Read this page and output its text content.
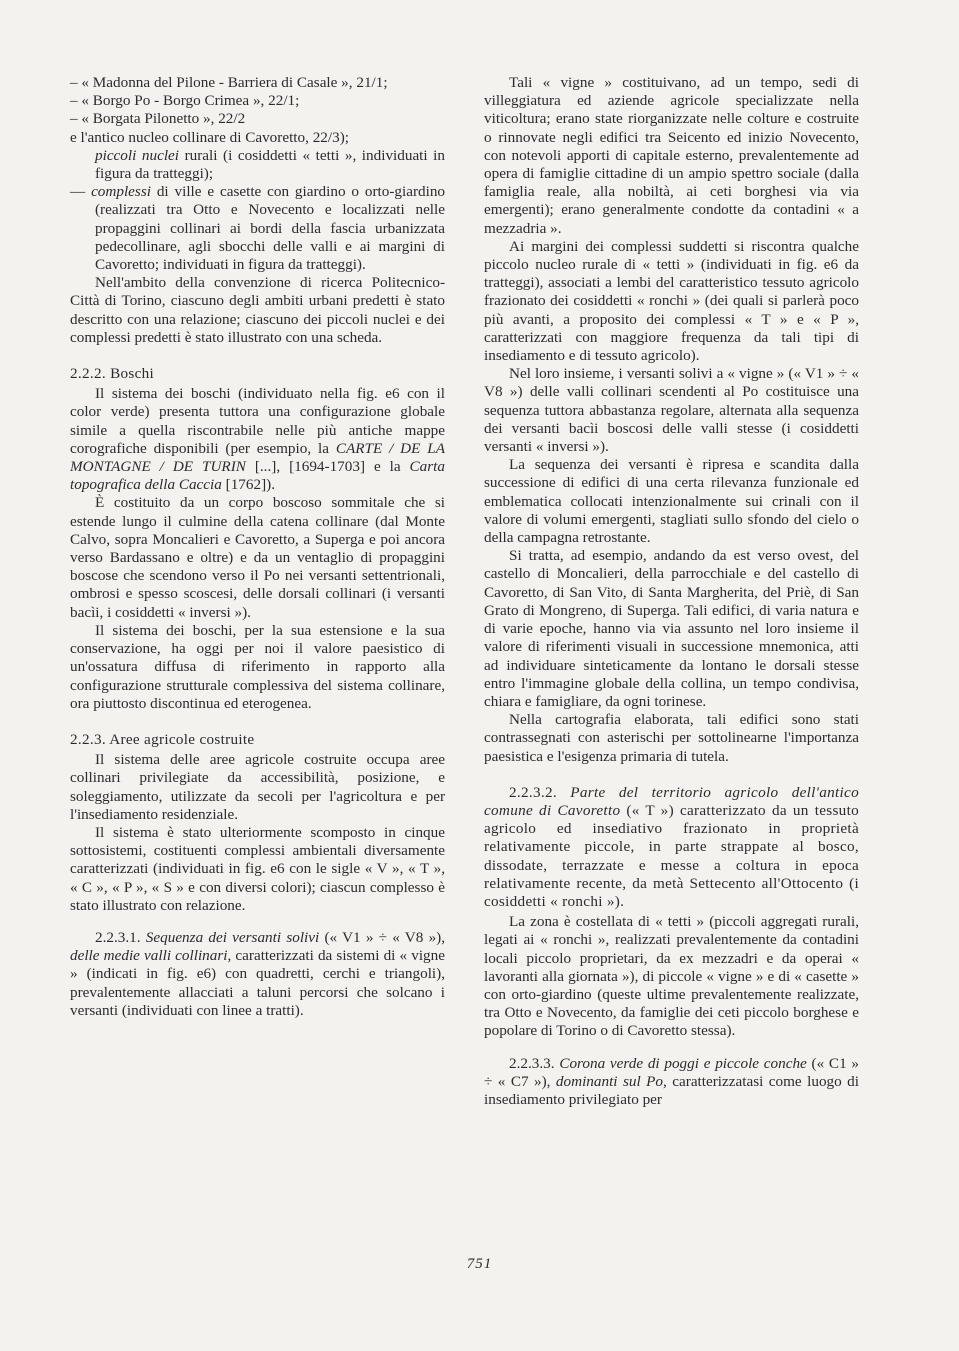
– « Madonna del Pilone - Barriera di Casale », 21/1;

– « Borgo Po - Borgo Crimea », 22/1;

– « Borgata Pilonetto », 22/2

e l'antico nucleo collinare di Cavoretto, 22/3);

piccoli nuclei rurali (i cosiddetti « tetti », individuati in figura da tratteggi);

— complessi di ville e casette con giardino o orto-giardino (realizzati tra Otto e Novecento e localizzati nelle propaggini collinari ai bordi della fascia urbanizzata pedecollinare, agli sbocchi delle valli e ai margini di Cavoretto; individuati in figura da tratteggi).

Nell'ambito della convenzione di ricerca Politecnico-Città di Torino, ciascuno degli ambiti urbani predetti è stato descritto con una relazione; ciascuno dei piccoli nuclei e dei complessi predetti è stato illustrato con una scheda.

2.2.2. Boschi

Il sistema dei boschi (individuato nella fig. e6 con il color verde) presenta tuttora una configurazione globale simile a quella riscontrabile nelle più antiche mappe corografiche disponibili (per esempio, la CARTE / DE LA MONTAGNE / DE TURIN [...], [1694-1703] e la Carta topografica della Caccia [1762]).

È costituito da un corpo boscoso sommitale che si estende lungo il culmine della catena collinare (dal Monte Calvo, sopra Moncalieri e Cavoretto, a Superga e poi ancora verso Bardassano e oltre) e da un ventaglio di propaggini boscose che scendono verso il Po nei versanti settentrionali, ombrosi e spesso scoscesi, delle dorsali collinari (i versanti bacìi, i cosiddetti « inversi »).

Il sistema dei boschi, per la sua estensione e la sua conservazione, ha oggi per noi il valore paesistico di un'ossatura diffusa di riferimento in rapporto alla configurazione strutturale complessiva del sistema collinare, ora piuttosto discontinua ed eterogenea.

2.2.3. Aree agricole costruite

Il sistema delle aree agricole costruite occupa aree collinari privilegiate da accessibilità, posizione, e soleggiamento, utilizzate da secoli per l'agricoltura e per l'insediamento residenziale.

Il sistema è stato ulteriormente scomposto in cinque sottosistemi, costituenti complessi ambientali diversamente caratterizzati (individuati in fig. e6 con le sigle « V », « T », « C », « P », « S » e con diversi colori); ciascun complesso è stato illustrato con relazione.

2.2.3.1. Sequenza dei versanti solivi (« V1 » ÷ « V8 »), delle medie valli collinari, caratterizzati da sistemi di « vigne » (indicati in fig. e6) con quadretti, cerchi e triangoli), prevalentemente allacciati a taluni percorsi che solcano i versanti (individuati con linee a tratti).

Tali « vigne » costituivano, ad un tempo, sedi di villeggiatura ed aziende agricole specializzate nella viticoltura; erano state riorganizzate nelle colture e costruite o rinnovate negli edifici tra Seicento ed inizio Novecento, con notevoli apporti di capitale esterno, prevalentemente ad opera di famiglie cittadine di un ampio spettro sociale (dalla famiglia reale, alla nobiltà, ai ceti borghesi via via emergenti); erano generalmente condotte da contadini « a mezzadria ».

Ai margini dei complessi suddetti si riscontra qualche piccolo nucleo rurale di « tetti » (individuati in fig. e6 da tratteggi), associati a lembi del caratteristico tessuto agricolo frazionato dei cosiddetti « ronchi » (dei quali si parlerà poco più avanti, a proposito dei complessi « T » e « P », caratterizzati con maggiore frequenza da tali tipi di insediamento e di tessuto agricolo).

Nel loro insieme, i versanti solivi a « vigne » (« V1 » ÷ « V8 ») delle valli collinari scendenti al Po costituisce una sequenza tuttora abbastanza regolare, alternata alla sequenza dei versanti bacìi boscosi delle valli stesse (i cosiddetti versanti « inversi »).

La sequenza dei versanti è ripresa e scandita dalla successione di edifici di una certa rilevanza funzionale ed emblematica collocati intenzionalmente sui crinali con il valore di volumi emergenti, stagliati sullo sfondo del cielo o della campagna retrostante.

Si tratta, ad esempio, andando da est verso ovest, del castello di Moncalieri, della parrocchiale e del castello di Cavoretto, di San Vito, di Santa Margherita, del Priè, di San Grato di Mongreno, di Superga. Tali edifici, di varia natura e di varie epoche, hanno via via assunto nel loro insieme il valore di riferimenti visuali in successione mnemonica, atti ad individuare sinteticamente da lontano le dorsali stesse entro l'immagine globale della collina, un tempo condivisa, chiara e famigliare, da ogni torinese.

Nella cartografia elaborata, tali edifici sono stati contrassegnati con asterischi per sottolinearne l'importanza paesistica e l'esigenza primaria di tutela.

2.2.3.2. Parte del territorio agricolo dell'antico comune di Cavoretto (« T ») caratterizzato da un tessuto agricolo ed insediativo frazionato in proprietà relativamente piccole, in parte strappate al bosco, dissodate, terrazzate e messe a coltura in epoca relativamente recente, da metà Settecento all'Ottocento (i cosiddetti « ronchi »).

La zona è costellata di « tetti » (piccoli aggregati rurali, legati ai « ronchi », realizzati prevalentemente da contadini locali piccolo proprietari, da ex mezzadri e da operai « lavoranti alla giornata »), di piccole « vigne » e di « casette » con orto-giardino (queste ultime prevalentemente realizzate, tra Otto e Novecento, da famiglie dei ceti piccolo borghese e popolare di Torino o di Cavoretto stessa).

2.2.3.3. Corona verde di poggi e piccole conche (« C1 » ÷ « C7 »), dominanti sul Po, caratterizzatasi come luogo di insediamento privilegiato per

751
